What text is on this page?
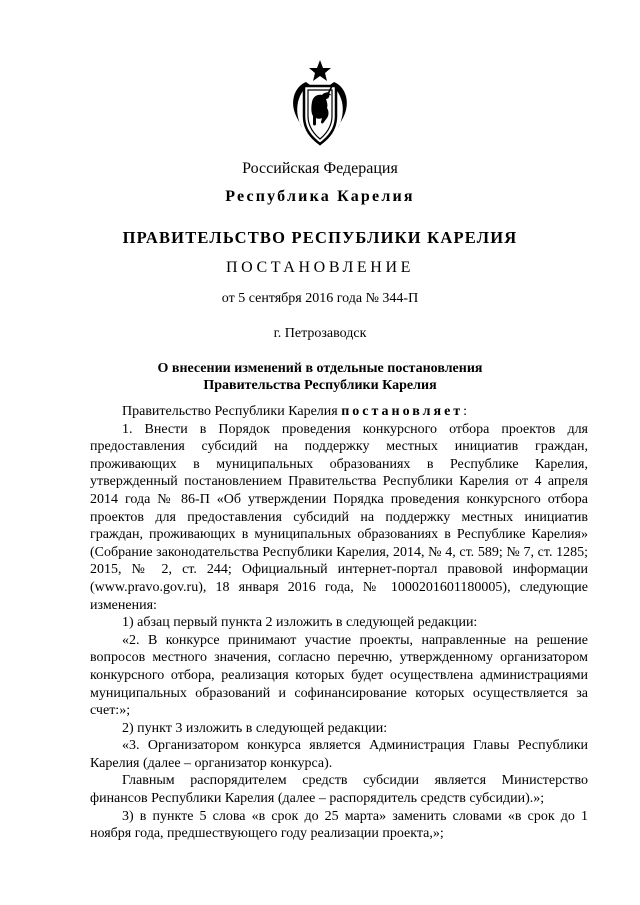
Российская Федерация
Республика Карелия
ПРАВИТЕЛЬСТВО РЕСПУБЛИКИ КАРЕЛИЯ
ПОСТАНОВЛЕНИЕ
от 5 сентября 2016 года № 344-П
г. Петрозаводск
О внесении изменений в отдельные постановления
Правительства Республики Карелия

Правительство Республики Карелия постановляет:

1. Внести в Порядок проведения конкурсного отбора проектов для предоставления субсидий на поддержку местных инициатив граждан, проживающих в муниципальных образованиях в Республике Карелия, утвержденный постановлением Правительства Республики Карелия от 4 апреля 2014 года № 86-П «Об утверждении Порядка проведения конкурсного отбора проектов для предоставления субсидий на поддержку местных инициатив граждан, проживающих в муниципальных образованиях в Республике Карелия» (Собрание законодательства Республики Карелия, 2014, № 4, ст. 589; № 7, ст. 1285; 2015, № 2, ст. 244; Официальный интернет-портал правовой информации (www.pravo.gov.ru), 18 января 2016 года, № 1000201601180005), следующие изменения:

1) абзац первый пункта 2 изложить в следующей редакции:

«2. В конкурсе принимают участие проекты, направленные на решение вопросов местного значения, согласно перечню, утвержденному организатором конкурсного отбора, реализация которых будет осуществлена администрациями муниципальных образований и софинансирование которых осуществляется за счет:»;

2) пункт 3 изложить в следующей редакции:

«3. Организатором конкурса является Администрация Главы Республики Карелия (далее – организатор конкурса).

Главным распорядителем средств субсидии является Министерство финансов Республики Карелия (далее – распорядитель средств субсидии).»;

3) в пункте 5 слова «в срок до 25 марта» заменить словами «в срок до 1 ноября года, предшествующего году реализации проекта,»;
